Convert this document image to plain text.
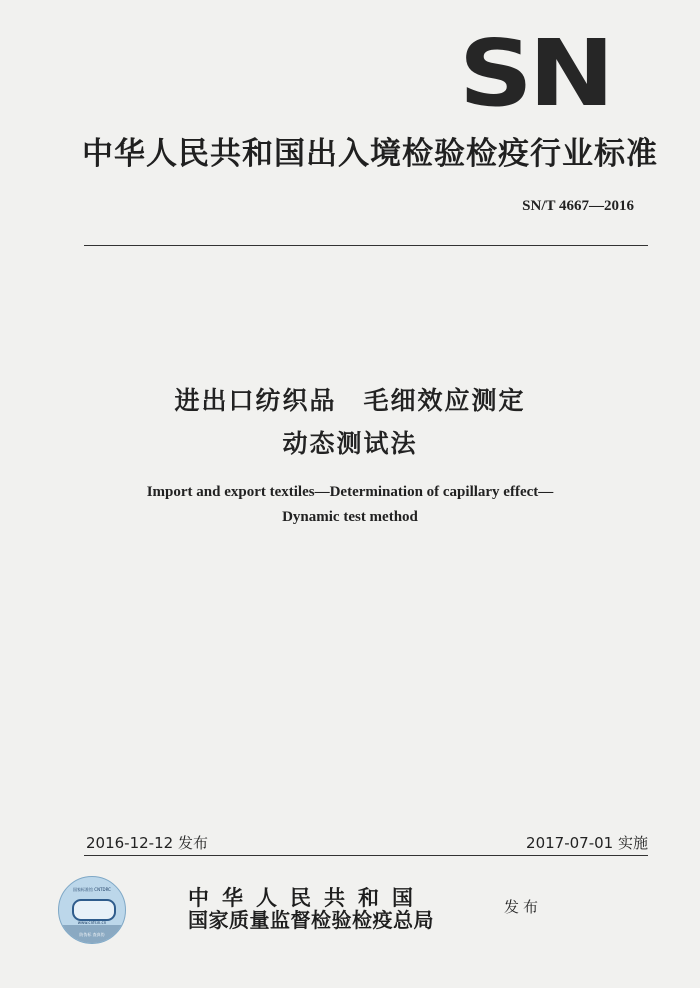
SN
中华人民共和国出入境检验检疫行业标准
SN/T 4667—2016
进出口纺织品　毛细效应测定
动态测试法
Import and export textiles—Determination of capillary effect—
Dynamic test method
2016-12-12 发布	2017-07-01 实施
国家标准馆 CNTDRC
www.cnfsin.cn
防伪标 查真伪
中华人民共和国
国家质量监督检验检疫总局
发布
